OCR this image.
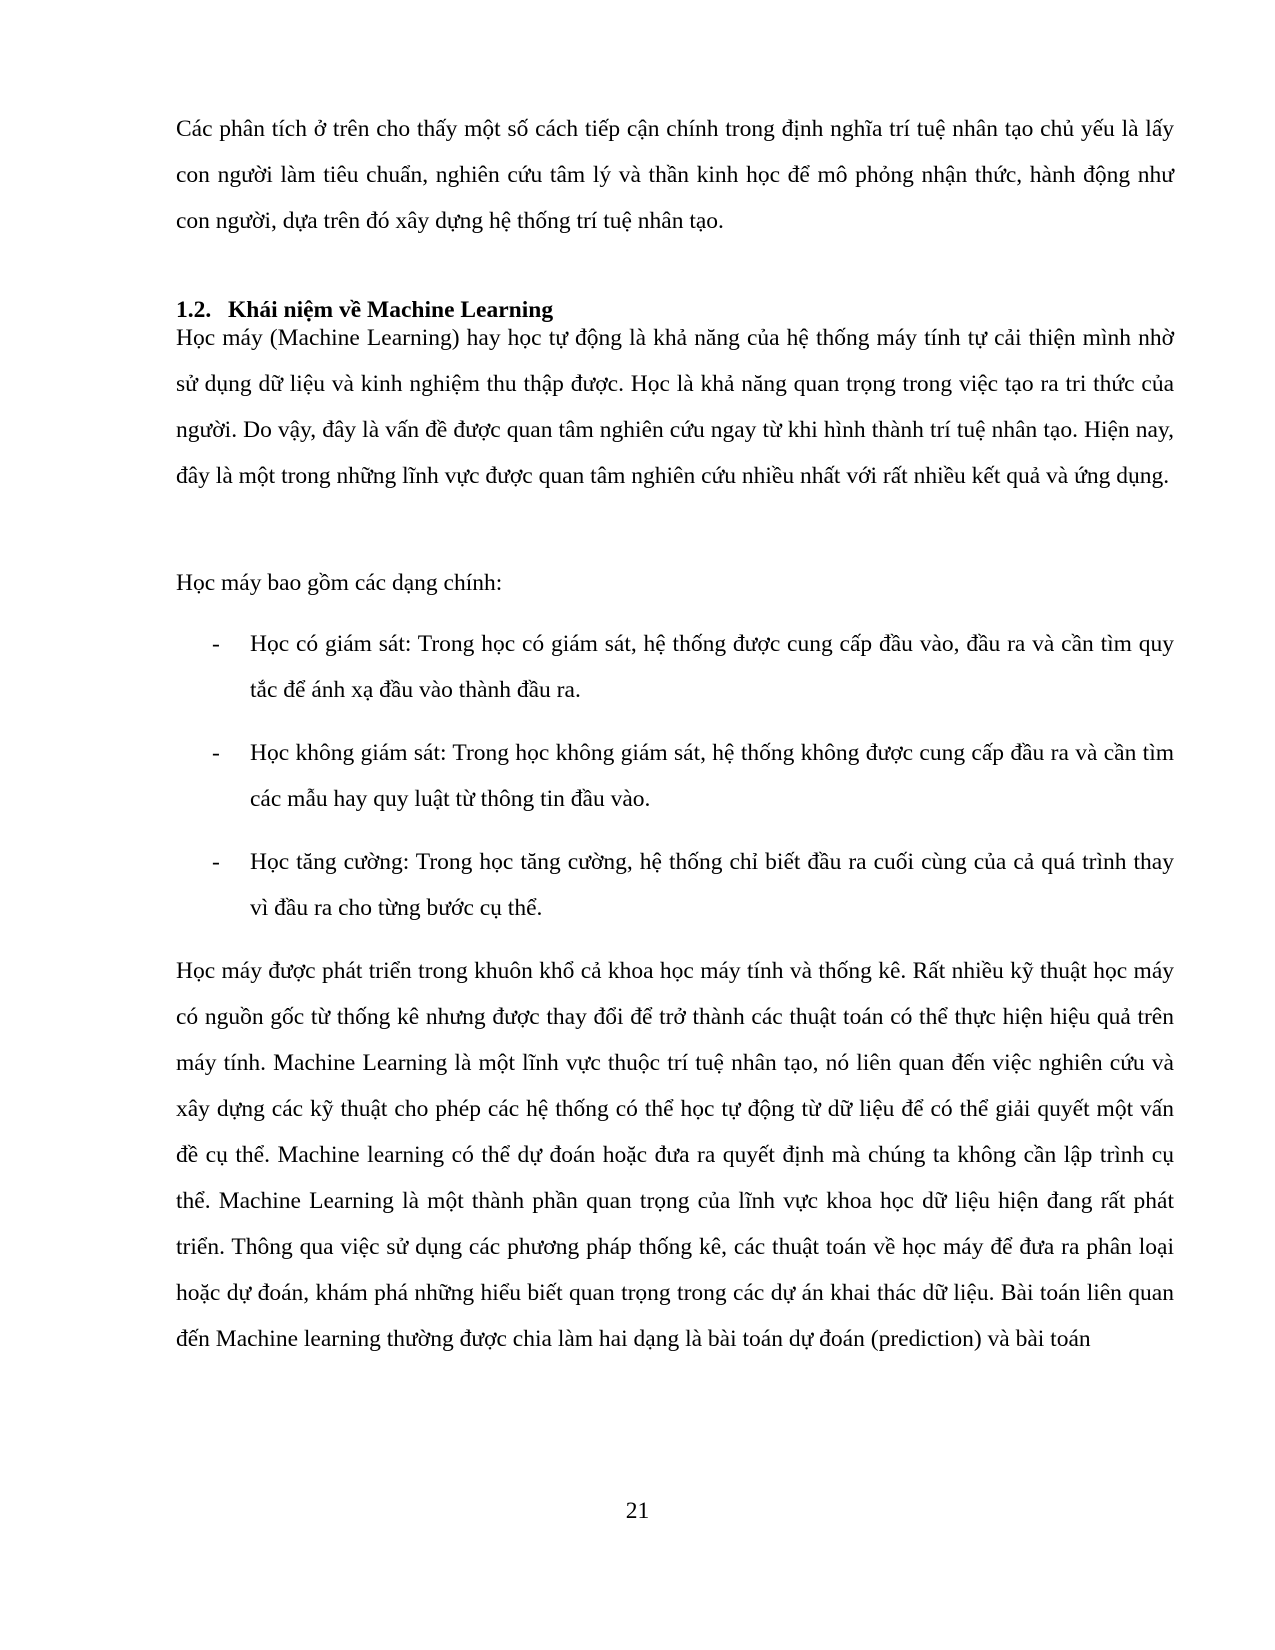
Các phân tích ở trên cho thấy một số cách tiếp cận chính trong định nghĩa trí tuệ nhân tạo chủ yếu là lấy con người làm tiêu chuẩn, nghiên cứu tâm lý và thần kinh học để mô phỏng nhận thức, hành động như con người, dựa trên đó xây dựng hệ thống trí tuệ nhân tạo.

1.2. Khái niệm về Machine Learning

Học máy (Machine Learning) hay học tự động là khả năng của hệ thống máy tính tự cải thiện mình nhờ sử dụng dữ liệu và kinh nghiệm thu thập được. Học là khả năng quan trọng trong việc tạo ra tri thức của người. Do vậy, đây là vấn đề được quan tâm nghiên cứu ngay từ khi hình thành trí tuệ nhân tạo. Hiện nay, đây là một trong những lĩnh vực được quan tâm nghiên cứu nhiều nhất với rất nhiều kết quả và ứng dụng.

Học máy bao gồm các dạng chính:

- Học có giám sát: Trong học có giám sát, hệ thống được cung cấp đầu vào, đầu ra và cần tìm quy tắc để ánh xạ đầu vào thành đầu ra.
- Học không giám sát: Trong học không giám sát, hệ thống không được cung cấp đầu ra và cần tìm các mẫu hay quy luật từ thông tin đầu vào.
- Học tăng cường: Trong học tăng cường, hệ thống chỉ biết đầu ra cuối cùng của cả quá trình thay vì đầu ra cho từng bước cụ thể.

Học máy được phát triển trong khuôn khổ cả khoa học máy tính và thống kê. Rất nhiều kỹ thuật học máy có nguồn gốc từ thống kê nhưng được thay đổi để trở thành các thuật toán có thể thực hiện hiệu quả trên máy tính. Machine Learning là một lĩnh vực thuộc trí tuệ nhân tạo, nó liên quan đến việc nghiên cứu và xây dựng các kỹ thuật cho phép các hệ thống có thể học tự động từ dữ liệu để có thể giải quyết một vấn đề cụ thể. Machine learning có thể dự đoán hoặc đưa ra quyết định mà chúng ta không cần lập trình cụ thể. Machine Learning là một thành phần quan trọng của lĩnh vực khoa học dữ liệu hiện đang rất phát triển. Thông qua việc sử dụng các phương pháp thống kê, các thuật toán về học máy để đưa ra phân loại hoặc dự đoán, khám phá những hiểu biết quan trọng trong các dự án khai thác dữ liệu. Bài toán liên quan đến Machine learning thường được chia làm hai dạng là bài toán dự đoán (prediction) và bài toán

21
